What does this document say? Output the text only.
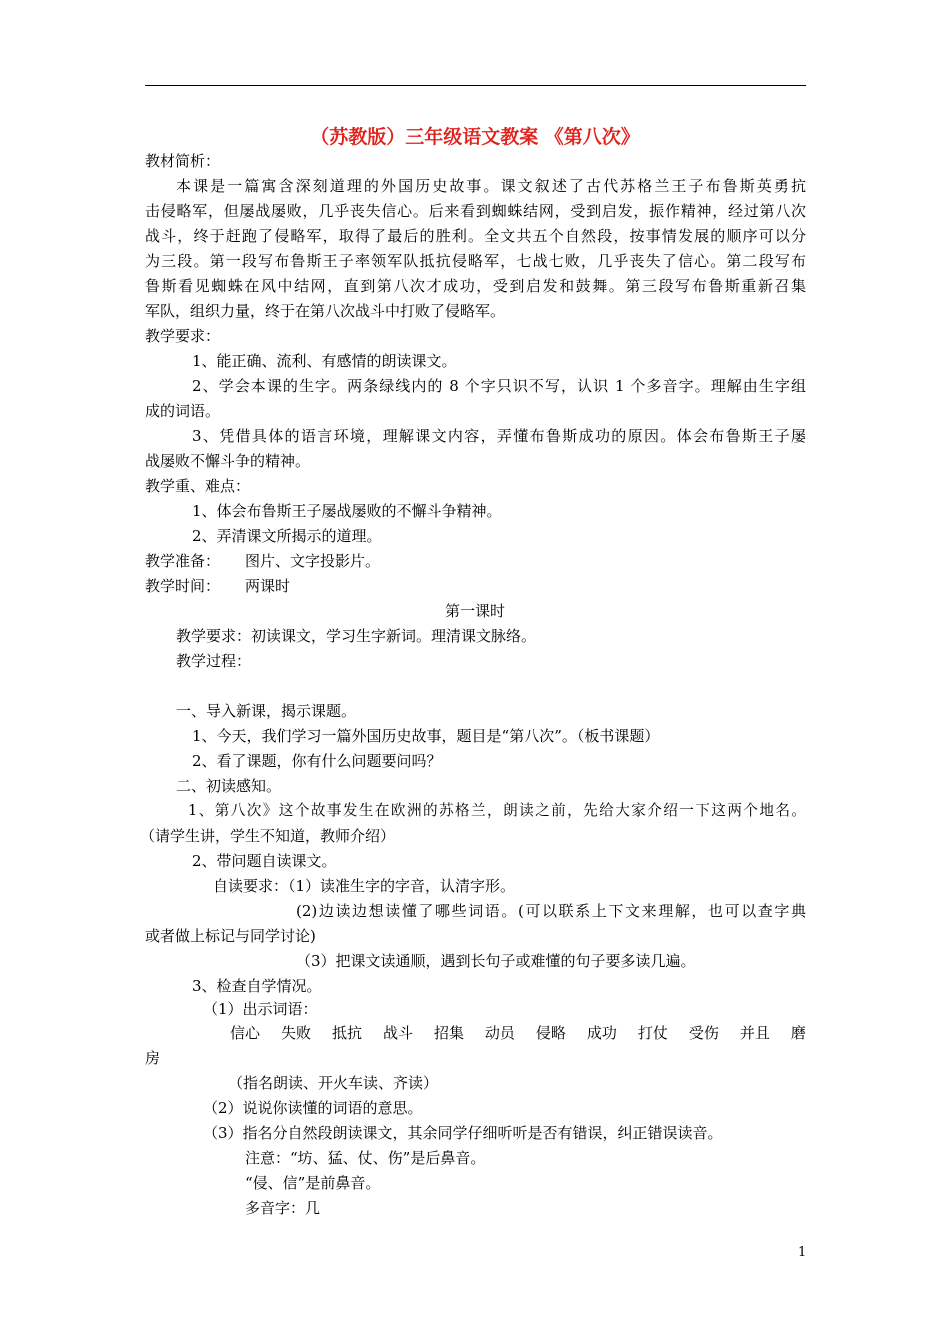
（苏教版）三年级语文教案 《第八次》
教材简析：
本课是一篇寓含深刻道理的外国历史故事。课文叙述了古代苏格兰王子布鲁斯英勇抗
击侵略军，但屡战屡败，几乎丧失信心。后来看到蜘蛛结网，受到启发，振作精神，经过第八次
战斗，终于赶跑了侵略军，取得了最后的胜利。全文共五个自然段，按事情发展的顺序可以分
为三段。第一段写布鲁斯王子率领军队抵抗侵略军，七战七败，几乎丧失了信心。第二段写布
鲁斯看见蜘蛛在风中结网，直到第八次才成功，受到启发和鼓舞。第三段写布鲁斯重新召集
军队，组织力量，终于在第八次战斗中打败了侵略军。
教学要求：
1、能正确、流利、有感情的朗读课文。
2、学会本课的生字。两条绿线内的 8 个字只识不写，认识 1 个多音字。理解由生字组
成的词语。
3、凭借具体的语言环境，理解课文内容，弄懂布鲁斯成功的原因。体会布鲁斯王子屡
战屡败不懈斗争的精神。
教学重、难点：
1、体会布鲁斯王子屡战屡败的不懈斗争精神。
2、弄清课文所揭示的道理。
教学准备： 图片、文字投影片。
教学时间： 两课时
第一课时
教学要求：初读课文，学习生字新词。理清课文脉络。
教学过程：
一、导入新课，揭示课题。
1、今天，我们学习一篇外国历史故事，题目是“第八次”。（板书课题）
2、看了课题，你有什么问题要问吗？
二、初读感知。
1、第八次》这个故事发生在欧洲的苏格兰，朗读之前，先给大家介绍一下这两个地名。
（请学生讲，学生不知道，教师介绍）
2、带问题自读课文。
自读要求：（1）读准生字的字音，认清字形。
(2)边读边想读懂了哪些词语。(可以联系上下文来理解，也可以查字典
或者做上标记与同学讨论)
（3）把课文读通顺，遇到长句子或难懂的句子要多读几遍。
3、检查自学情况。
（1）出示词语：
信心 失败 抵抗 战斗 招集 动员 侵略 成功 打仗 受伤 并且 磨
房
（指名朗读、开火车读、齐读）
（2）说说你读懂的词语的意思。
（3）指名分自然段朗读课文，其余同学仔细听听是否有错误，纠正错误读音。
注意：“坊、猛、仗、伤”是后鼻音。
“侵、信”是前鼻音。
多音字：几
1
